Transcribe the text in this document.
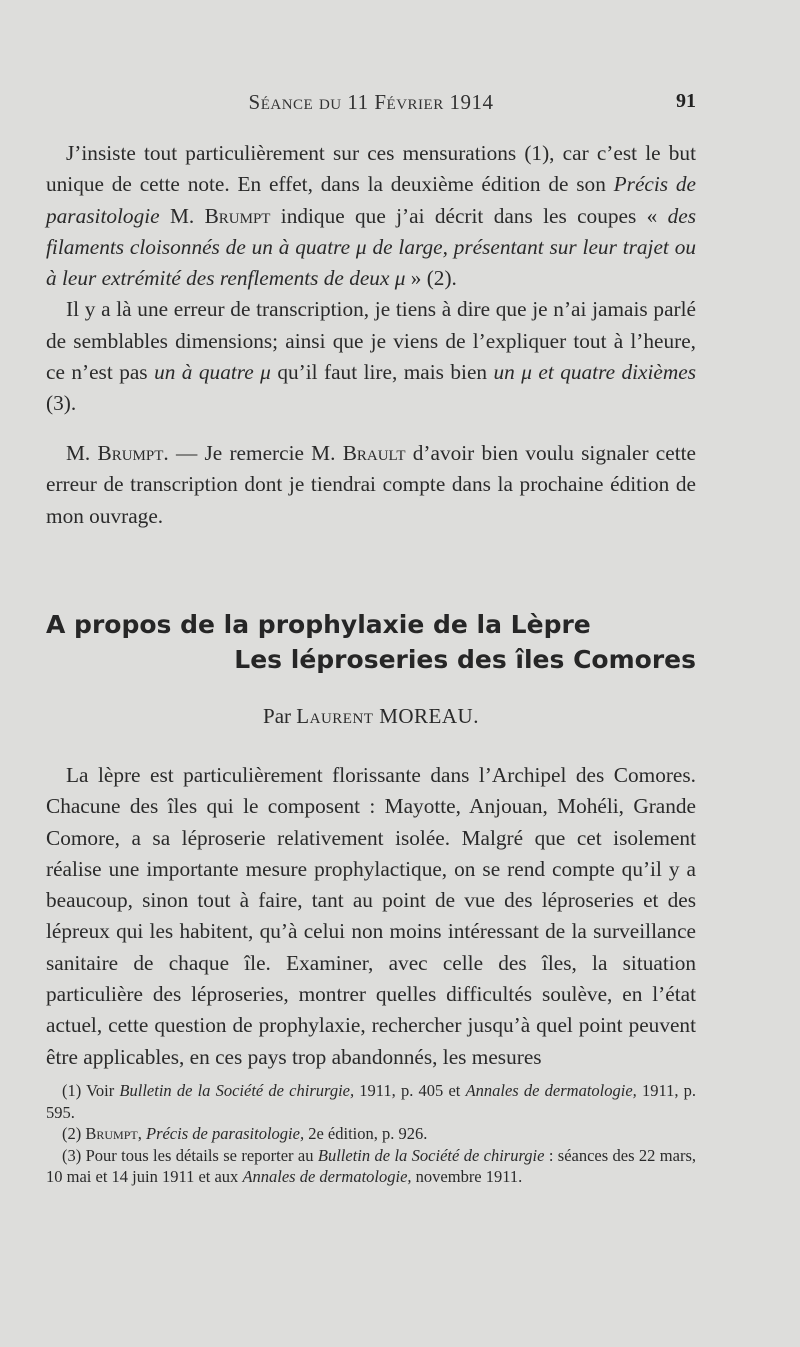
Séance du 11 Février 1914	91

J’insiste tout particulièrement sur ces mensurations (1), car c’est le but unique de cette note. En effet, dans la deuxième édition de son Précis de parasitologie M. Brumpt indique que j’ai décrit dans les coupes « des filaments cloisonnés de un à quatre μ de large, présentant sur leur trajet ou à leur extrémité des renflements de deux μ » (2).

Il y a là une erreur de transcription, je tiens à dire que je n’ai jamais parlé de semblables dimensions; ainsi que je viens de l’expliquer tout à l’heure, ce n’est pas un à quatre μ qu’il faut lire, mais bien un μ et quatre dixièmes (3).

M. Brumpt. — Je remercie M. Brault d’avoir bien voulu signaler cette erreur de transcription dont je tiendrai compte dans la prochaine édition de mon ouvrage.

A propos de la prophylaxie de la Lèpre
Les léproseries des îles Comores
Par Laurent MOREAU.

La lèpre est particulièrement florissante dans l’Archipel des Comores. Chacune des îles qui le composent : Mayotte, Anjouan, Mohéli, Grande Comore, a sa léproserie relativement isolée. Malgré que cet isolement réalise une importante mesure prophylactique, on se rend compte qu’il y a beaucoup, sinon tout à faire, tant au point de vue des léproseries et des lépreux qui les habitent, qu’à celui non moins intéressant de la surveillance sanitaire de chaque île. Examiner, avec celle des îles, la situation particulière des léproseries, montrer quelles difficultés soulève, en l’état actuel, cette question de prophylaxie, rechercher jusqu’à quel point peuvent être applicables, en ces pays trop abandonnés, les mesures

(1) Voir Bulletin de la Société de chirurgie, 1911, p. 405 et Annales de dermatologie, 1911, p. 595.

(2) Brumpt, Précis de parasitologie, 2e édition, p. 926.

(3) Pour tous les détails se reporter au Bulletin de la Société de chirurgie : séances des 22 mars, 10 mai et 14 juin 1911 et aux Annales de dermatologie, novembre 1911.
